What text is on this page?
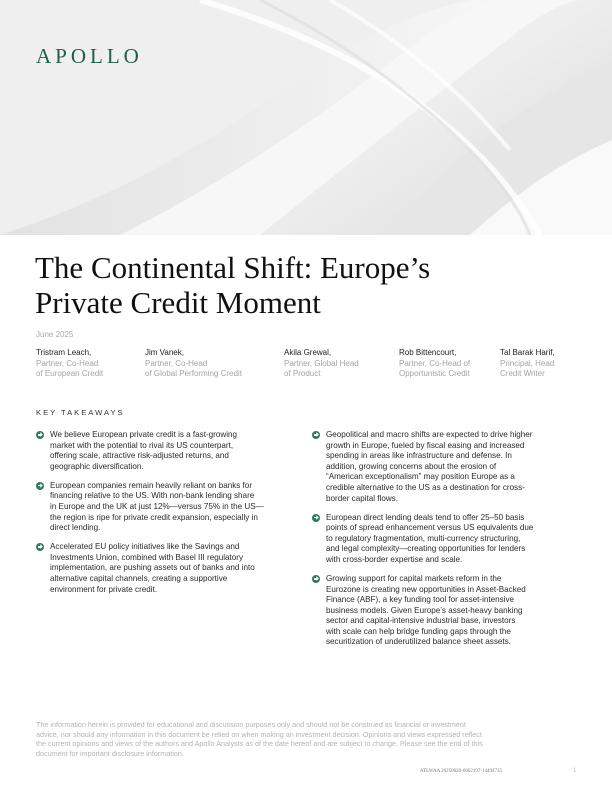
APOLLO
The Continental Shift: Europe’s
Private Credit Moment
June 2025
Tristram Leach,
Partner, Co-Head
of European Credit
Jim Vanek,
Partner, Co-Head
of Global Performing Credit
Akila Grewal,
Partner, Global Head
of Product
Rob Bittencourt,
Partner, Co-Head of
Opportunistic Credit
Tal Barak Harif,
Principal, Head
Credit Writer
KEY TAKEAWAYS
We believe European private credit is a fast-growing
market with the potential to rival its US counterpart,
offering scale, attractive risk-adjusted returns, and
geographic diversification.
European companies remain heavily reliant on banks for
financing relative to the US. With non-bank lending share
in Europe and the UK at just 12%—versus 75% in the US—
the region is ripe for private credit expansion, especially in
direct lending.
Accelerated EU policy initiatives like the Savings and
Investments Union, combined with Basel III regulatory
implementation, are pushing assets out of banks and into
alternative capital channels, creating a supportive
environment for private credit.
Geopolitical and macro shifts are expected to drive higher
growth in Europe, fueled by fiscal easing and increased
spending in areas like infrastructure and defense. In
addition, growing concerns about the erosion of
“American exceptionalism” may position Europe as a
credible alternative to the US as a destination for cross-
border capital flows.
European direct lending deals tend to offer 25–50 basis
points of spread enhancement versus US equivalents due
to regulatory fragmentation, multi-currency structuring,
and legal complexity—creating opportunities for lenders
with cross-border expertise and scale.
Growing support for capital markets reform in the
Eurozone is creating new opportunities in Asset-Backed
Finance (ABF), a key funding tool for asset-intensive
business models. Given Europe’s asset-heavy banking
sector and capital-intensive industrial base, investors
with scale can help bridge funding gaps through the
securitization of underutilized balance sheet assets.
The information herein is provided for educational and discussion purposes only and should not be construed as financial or investment
advice, nor should any information in this document be relied on when making an investment decision. Opinions and views expressed reflect
the current opinions and views of the authors and Apollo Analysts as of the date hereof and are subject to change. Please see the end of this
document for important disclosure information.
ATLWAA 20250620-6602197-14494735	1
